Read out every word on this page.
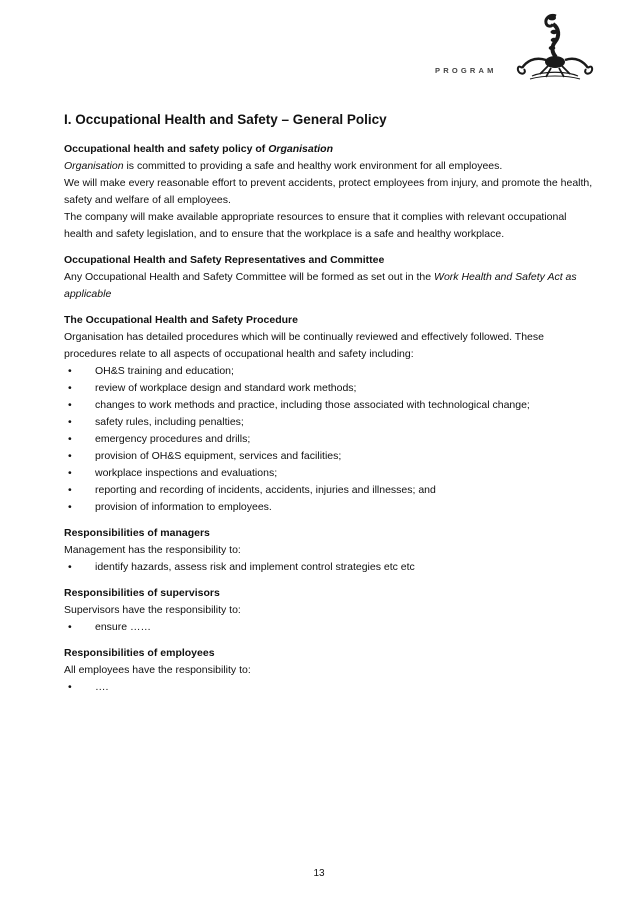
PROGRAM
I. Occupational Health and Safety – General Policy
Occupational health and safety policy of Organisation

Organisation is committed to providing a safe and healthy work environment for all employees.

We will make every reasonable effort to prevent accidents, protect employees from injury, and promote the health, safety and welfare of all employees.

The company will make available appropriate resources to ensure that it complies with relevant occupational health and safety legislation, and to ensure that the workplace is a safe and healthy workplace.

Occupational Health and Safety Representatives and Committee

Any Occupational Health and Safety Committee will be formed as set out in the Work Health and Safety Act as applicable

The Occupational Health and Safety Procedure

Organisation has detailed procedures which will be continually reviewed and effectively followed. These procedures relate to all aspects of occupational health and safety including:

• OH&S training and education;
• review of workplace design and standard work methods;
• changes to work methods and practice, including those associated with technological change;
• safety rules, including penalties;
• emergency procedures and drills;
• provision of OH&S equipment, services and facilities;
• workplace inspections and evaluations;
• reporting and recording of incidents, accidents, injuries and illnesses; and
• provision of information to employees.
Responsibilities of managers

Management has the responsibility to:

• identify hazards, assess risk and implement control strategies etc etc
Responsibilities of supervisors

Supervisors have the responsibility to:

• ensure ……
Responsibilities of employees

All employees have the responsibility to:

• ….
13
